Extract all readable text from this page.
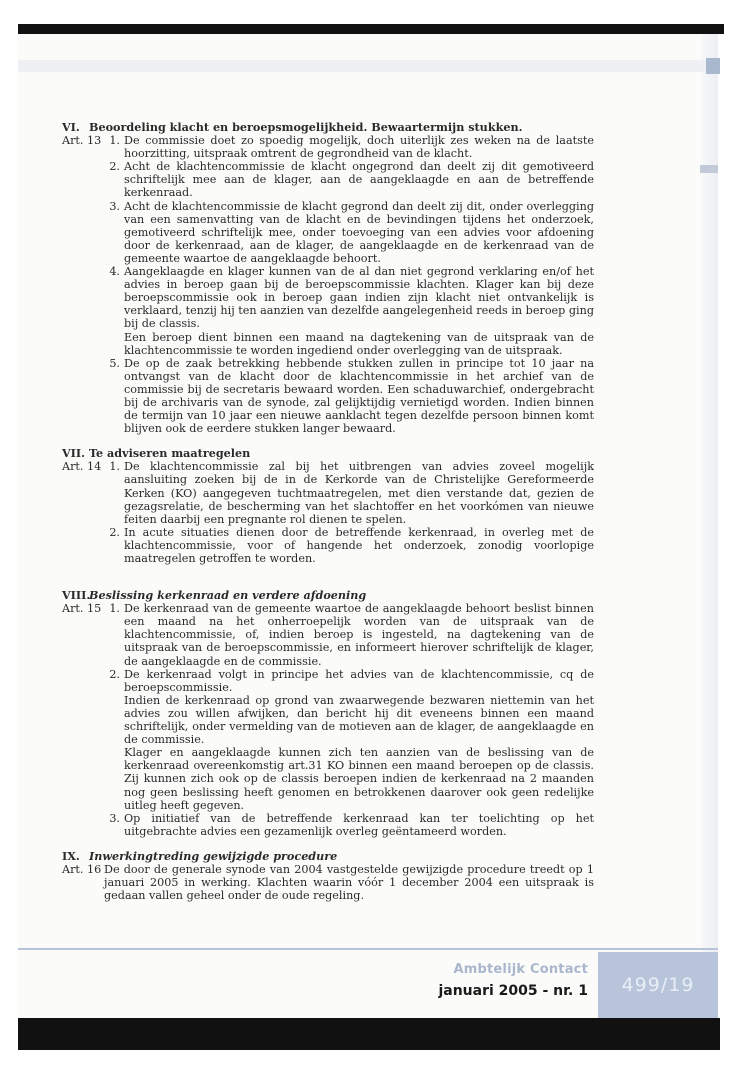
VI. Beoordeling klacht en beroepsmogelijkheid. Bewaartermijn stukken.

Art. 13 1. De commissie doet zo spoedig mogelijk, doch uiterlijk zes weken na de laatste hoorzitting, uitspraak omtrent de gegrondheid van de klacht.

2. Acht de klachtencommissie de klacht ongegrond dan deelt zij dit gemotiveerd schriftelijk mee aan de klager, aan de aangeklaagde en aan de betreffende kerkenraad.

3. Acht de klachtencommissie de klacht gegrond dan deelt zij dit, onder overlegging van een samenvatting van de klacht en de bevindingen tijdens het onderzoek, gemotiveerd schriftelijk mee, onder toevoeging van een advies voor afdoening door de kerkenraad, aan de klager, de aangeklaagde en de kerkenraad van de gemeente waartoe de aangeklaagde behoort.

4. Aangeklaagde en klager kunnen van de al dan niet gegrond verklaring en/of het advies in beroep gaan bij de beroepscommissie klachten. Klager kan bij deze beroepscommissie ook in beroep gaan indien zijn klacht niet ontvankelijk is verklaard, tenzij hij ten aanzien van dezelfde aangelegenheid reeds in beroep ging bij de classis.

Een beroep dient binnen een maand na dagtekening van de uitspraak van de klachtencommissie te worden ingediend onder overlegging van de uitspraak.

5. De op de zaak betrekking hebbende stukken zullen in principe tot 10 jaar na ontvangst van de klacht door de klachtencommissie in het archief van de commissie bij de secretaris bewaard worden. Een schaduwarchief, ondergebracht bij de archivaris van de synode, zal gelijktijdig vernietigd worden. Indien binnen de termijn van 10 jaar een nieuwe aanklacht tegen dezelfde persoon binnen komt blijven ook de eerdere stukken langer bewaard.

VII. Te adviseren maatregelen

Art. 14 1. De klachtencommissie zal bij het uitbrengen van advies zoveel mogelijk aansluiting zoeken bij de in de Kerkorde van de Christelijke Gereformeerde Kerken (KO) aangegeven tuchtmaatregelen, met dien verstande dat, gezien de gezagsrelatie, de bescherming van het slachtoffer en het voorkómen van nieuwe feiten daarbij een pregnante rol dienen te spelen.

2. In acute situaties dienen door de betreffende kerkenraad, in overleg met de klachtencommissie, voor of hangende het onderzoek, zonodig voorlopige maatregelen getroffen te worden.

VIII.Beslissing kerkenraad en verdere afdoening

Art. 15 1. De kerkenraad van de gemeente waartoe de aangeklaagde behoort beslist binnen een maand na het onherroepelijk worden van de uitspraak van de klachtencommissie, of, indien beroep is ingesteld, na dagtekening van de uitspraak van de beroepscommissie, en informeert hierover schriftelijk de klager, de aangeklaagde en de commissie.

2. De kerkenraad volgt in principe het advies van de klachtencommissie, cq de beroepscommissie.

Indien de kerkenraad op grond van zwaarwegende bezwaren niettemin van het advies zou willen afwijken, dan bericht hij dit eveneens binnen een maand schriftelijk, onder vermelding van de motieven aan de klager, de aangeklaagde en de commissie.

Klager en aangeklaagde kunnen zich ten aanzien van de beslissing van de kerkenraad overeenkomstig art.31 KO binnen een maand beroepen op de classis. Zij kunnen zich ook op de classis beroepen indien de kerkenraad na 2 maanden nog geen beslissing heeft genomen en betrokkenen daarover ook geen redelijke uitleg heeft gegeven.

3. Op initiatief van de betreffende kerkenraad kan ter toelichting op het uitgebrachte advies een gezamenlijk overleg geëntameerd worden.

IX. Inwerkingtreding gewijzigde procedure

Art. 16 De door de generale synode van 2004 vastgestelde gewijzigde procedure treedt op 1 januari 2005 in werking. Klachten waarin vóór 1 december 2004 een uitspraak is gedaan vallen geheel onder de oude regeling.
Ambtelijk Contact
januari 2005 - nr. 1	499/19
